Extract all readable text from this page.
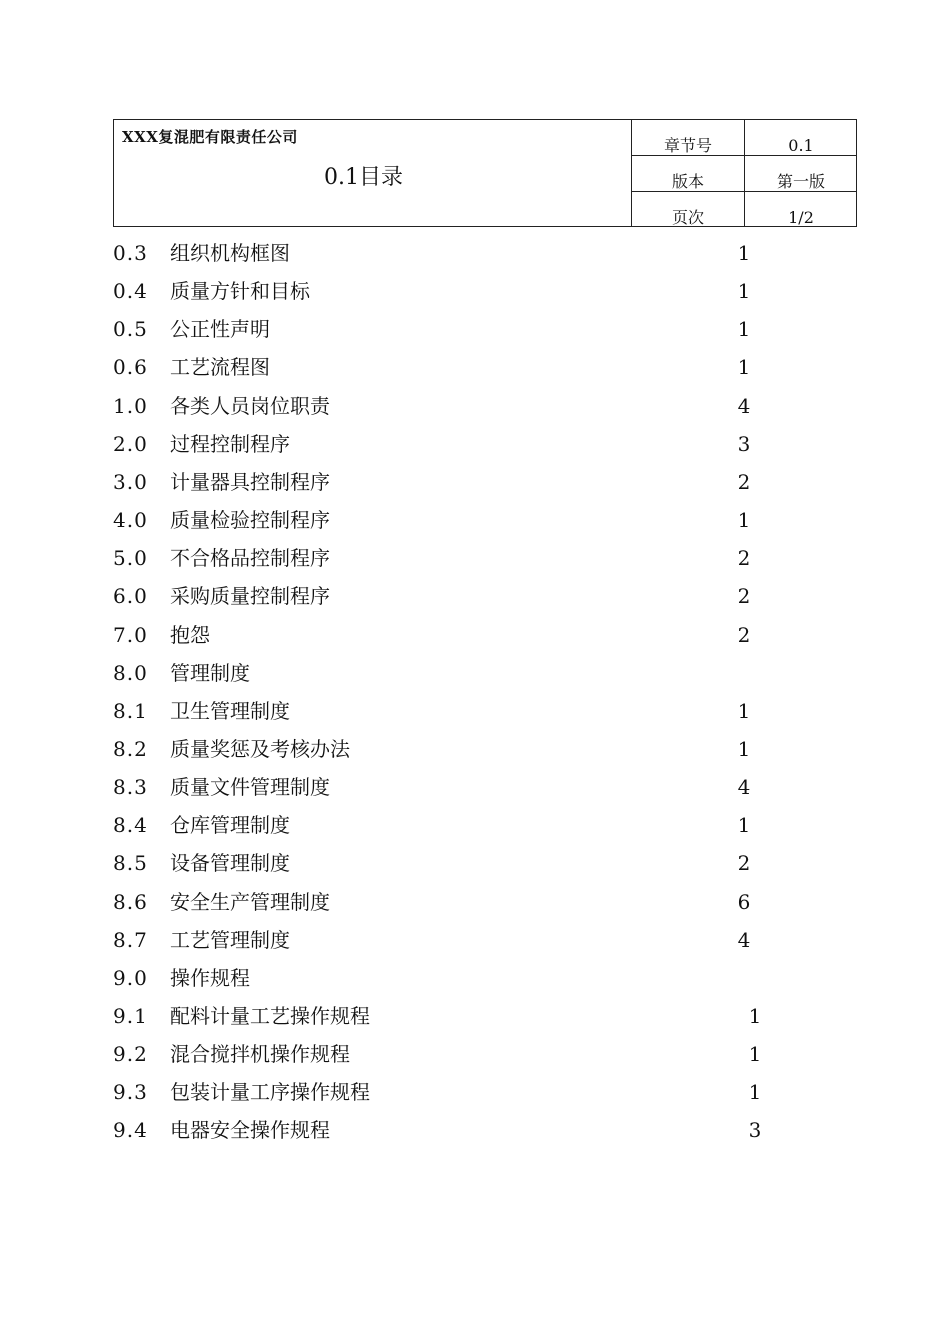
XXX复混肥有限责任公司
0.1目录
章节号	0.1
版本	第一版
页次	1/2
0.3 组织机构框图	1
0.4 质量方针和目标	1
0.5 公正性声明	1
0.6 工艺流程图	1
1.0 各类人员岗位职责	4
2.0 过程控制程序	3
3.0 计量器具控制程序	2
4.0 质量检验控制程序	1
5.0 不合格品控制程序	2
6.0 采购质量控制程序	2
7.0 抱怨	2
8.0 管理制度
8.1 卫生管理制度	1
8.2 质量奖惩及考核办法	1
8.3 质量文件管理制度	4
8.4 仓库管理制度	1
8.5 设备管理制度	2
8.6 安全生产管理制度	6
8.7 工艺管理制度	4
9.0 操作规程
9.1 配料计量工艺操作规程	1
9.2 混合搅拌机操作规程	1
9.3 包装计量工序操作规程	1
9.4 电器安全操作规程	3
